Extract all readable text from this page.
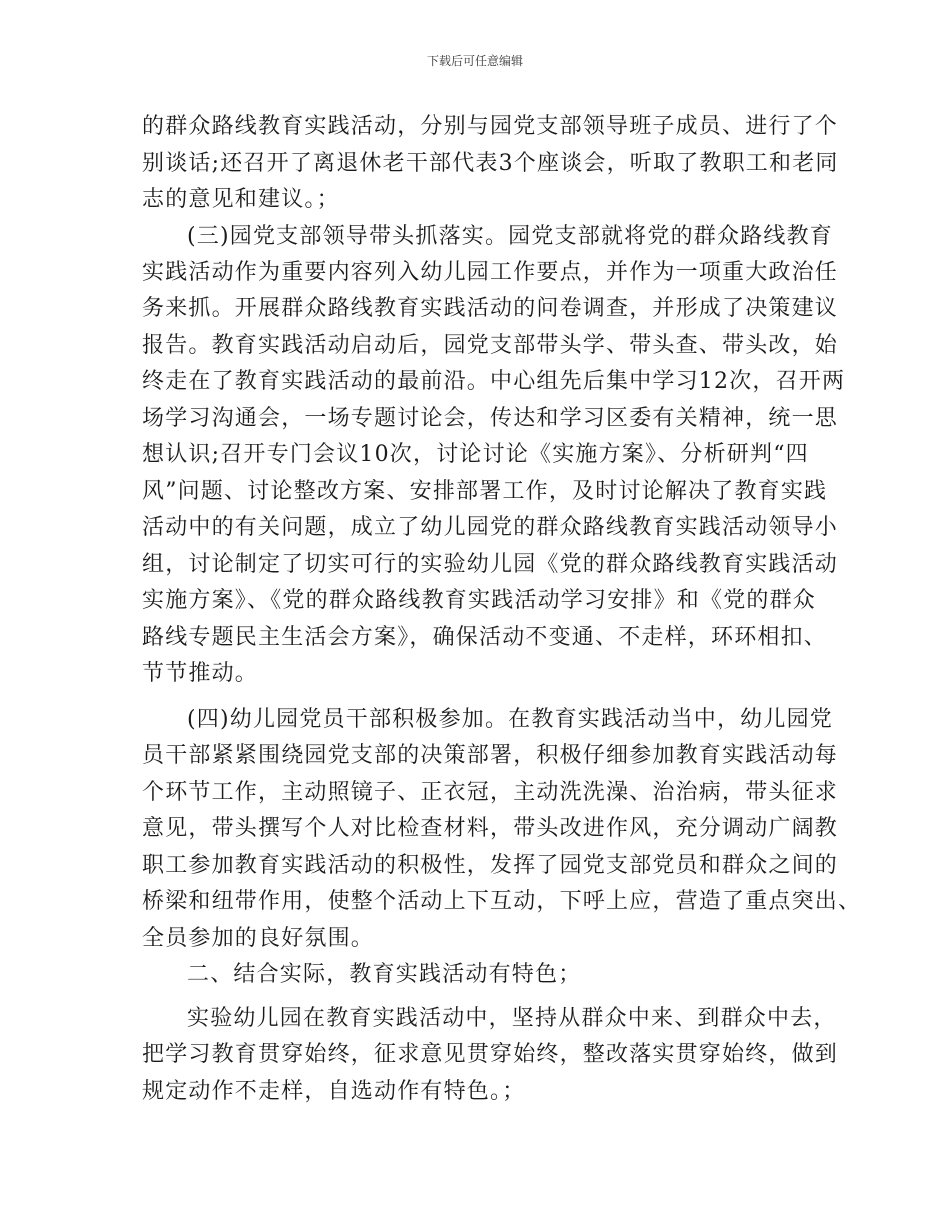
下载后可任意编辑
的群众路线教育实践活动，分别与园党支部领导班子成员、进行了个
别谈话;还召开了离退休老干部代表3个座谈会，听取了教职工和老同
志的意见和建议。；
(三)园党支部领导带头抓落实。园党支部就将党的群众路线教育
实践活动作为重要内容列入幼儿园工作要点，并作为一项重大政治任
务来抓。开展群众路线教育实践活动的问卷调查，并形成了决策建议
报告。教育实践活动启动后，园党支部带头学、带头查、带头改，始
终走在了教育实践活动的最前沿。中心组先后集中学习12次，召开两
场学习沟通会，一场专题讨论会，传达和学习区委有关精神，统一思
想认识;召开专门会议10次，讨论讨论《实施方案》、分析研判“四
风”问题、讨论整改方案、安排部署工作，及时讨论解决了教育实践
活动中的有关问题，成立了幼儿园党的群众路线教育实践活动领导小
组，讨论制定了切实可行的实验幼儿园《党的群众路线教育实践活动
实施方案》、《党的群众路线教育实践活动学习安排》和《党的群众
路线专题民主生活会方案》，确保活动不变通、不走样，环环相扣、
节节推动。
(四)幼儿园党员干部积极参加。在教育实践活动当中，幼儿园党
员干部紧紧围绕园党支部的决策部署，积极仔细参加教育实践活动每
个环节工作，主动照镜子、正衣冠，主动洗洗澡、治治病，带头征求
意见，带头撰写个人对比检查材料，带头改进作风，充分调动广阔教
职工参加教育实践活动的积极性，发挥了园党支部党员和群众之间的
桥梁和纽带作用，使整个活动上下互动，下呼上应，营造了重点突出、
全员参加的良好氛围。
二、结合实际，教育实践活动有特色；
实验幼儿园在教育实践活动中，坚持从群众中来、到群众中去，
把学习教育贯穿始终，征求意见贯穿始终，整改落实贯穿始终，做到
规定动作不走样，自选动作有特色。；
